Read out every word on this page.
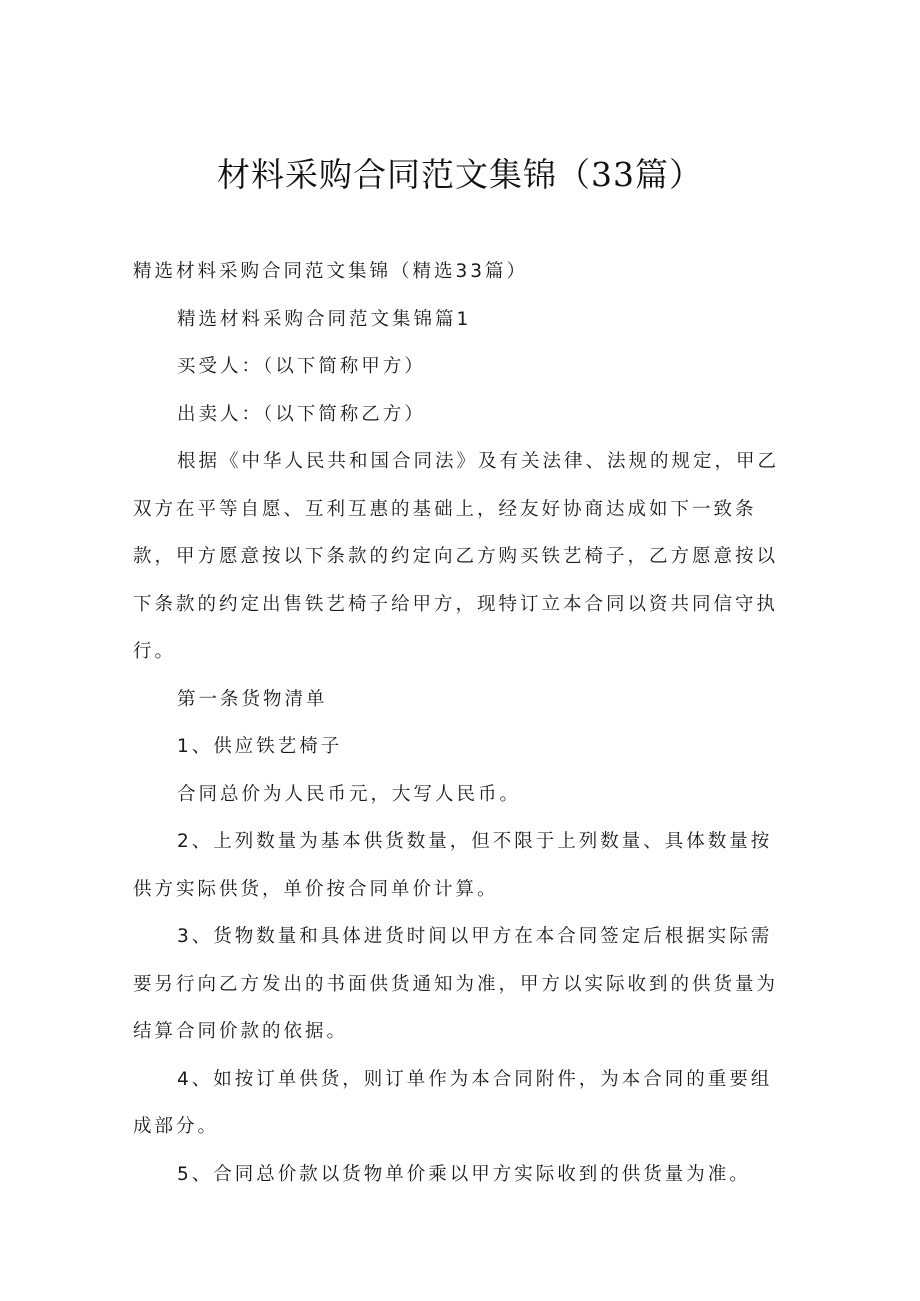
材料采购合同范文集锦（33篇）

精选材料采购合同范文集锦（精选33篇）

精选材料采购合同范文集锦篇1

买受人：（以下简称甲方）

出卖人：（以下简称乙方）

根据《中华人民共和国合同法》及有关法律、法规的规定，甲乙双方在平等自愿、互利互惠的基础上，经友好协商达成如下一致条款，甲方愿意按以下条款的约定向乙方购买铁艺椅子，乙方愿意按以下条款的约定出售铁艺椅子给甲方，现特订立本合同以资共同信守执行。

第一条货物清单

1、供应铁艺椅子

合同总价为人民币元，大写人民币。

2、上列数量为基本供货数量，但不限于上列数量、具体数量按供方实际供货，单价按合同单价计算。

3、货物数量和具体进货时间以甲方在本合同签定后根据实际需要另行向乙方发出的书面供货通知为准，甲方以实际收到的供货量为结算合同价款的依据。

4、如按订单供货，则订单作为本合同附件，为本合同的重要组成部分。

5、合同总价款以货物单价乘以甲方实际收到的供货量为准。
